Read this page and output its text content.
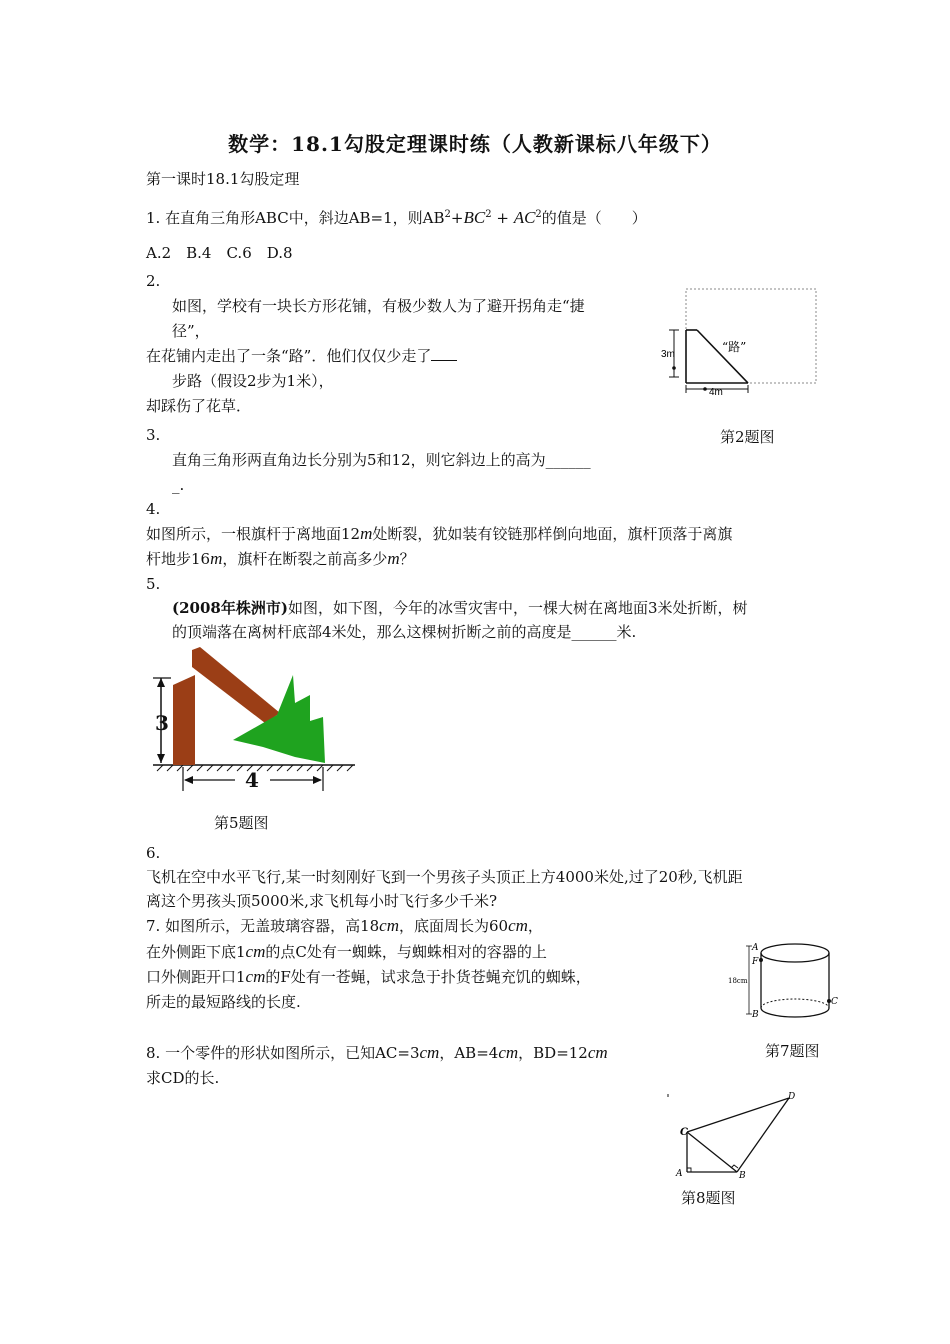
数学：18.1勾股定理课时练（人教新课标八年级下）
第一课时18.1勾股定理
1. 在直角三角形ABC中，斜边AB=1，则$AB^2+BC^2 + AC^2$的值是（　　）
A.2　B.4　C.6　D.8
2.
如图，学校有一块长方形花铺，有极少数人为了避开拐角走“捷
径”，
在花铺内走出了一条“路”．他们仅仅少走了
步路（假设2步为1米），
却踩伤了花草．
3m
4m
“路”
第2题图
3.
直角三角形两直角边长分别为5和12，则它斜边上的高为______
_.
4.
如图所示，一根旗杆于离地面12m处断裂，犹如装有铰链那样倒向地面，旗杆顶落于离旗
杆地步16m，旗杆在断裂之前高多少m？
5.
(2008年株洲市)如图，如下图，今年的冰雪灾害中，一棵大树在离地面3米处折断，树
的顶端落在离树杆底部4米处，那么这棵树折断之前的高度是______米.
3
4
第5题图
6.
飞机在空中水平飞行,某一时刻刚好飞到一个男孩子头顶正上方4000米处,过了20秒,飞机距
离这个男孩头顶5000米,求飞机每小时飞行多少千米?
7. 如图所示，无盖玻璃容器，高18cm，底面周长为60cm，
在外侧距下底1cm的点C处有一蜘蛛，与蜘蛛相对的容器的上
口外侧距开口1cm的F处有一苍蝇，试求急于扑货苍蝇充饥的蜘蛛，
所走的最短路线的长度.
A
F
18cm
B
C
第7题图
8. 一个零件的形状如图所示，已知AC=3cm，AB=4cm，BD=12cm
求CD的长.
C
A	B
D
第8题图
